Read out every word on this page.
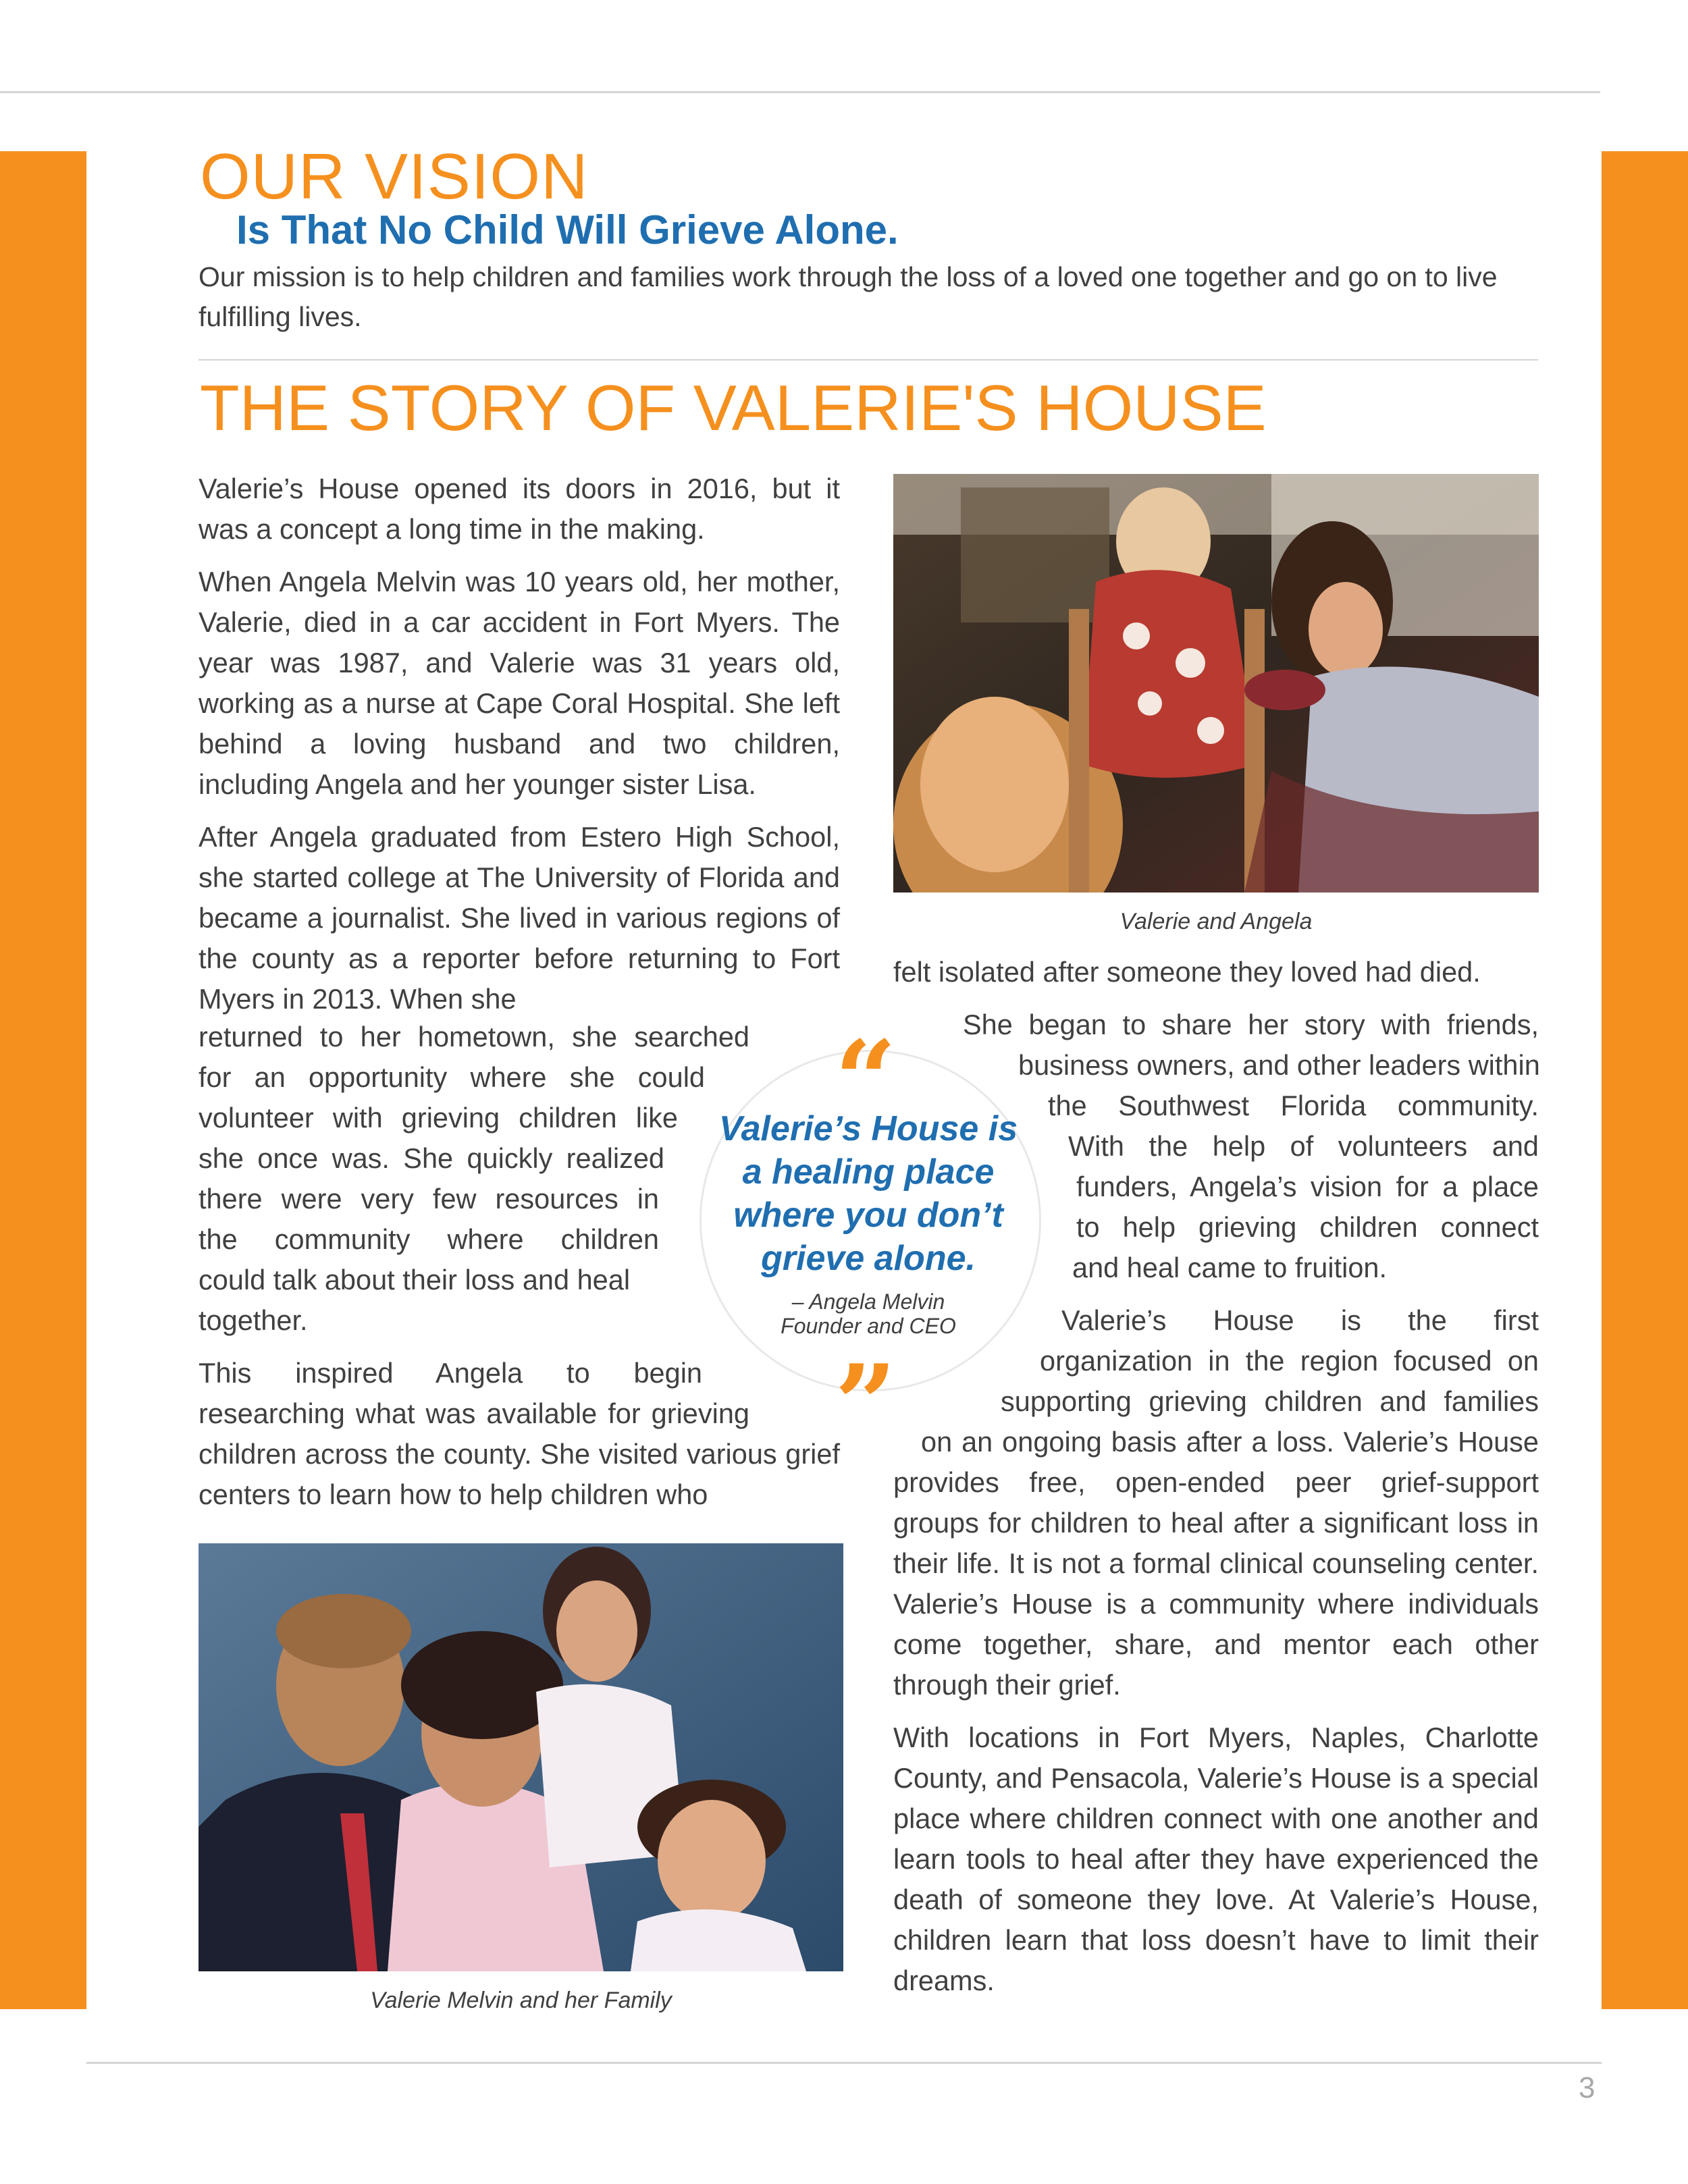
OUR VISION
Is That No Child Will Grieve Alone.
Our mission is to help children and families work through the loss of a loved one together and go on to live fulfilling lives.
THE STORY OF VALERIE'S HOUSE

Valerie’s House opened its doors in 2016, but it was a concept a long time in the making.

When Angela Melvin was 10 years old, her mother, Valerie, died in a car accident in Fort Myers. The year was 1987, and Valerie was 31 years old, working as a nurse at Cape Coral Hospital. She left behind a loving husband and two children, including Angela and her younger sister Lisa.

After Angela graduated from Estero High School, she started college at The University of Florida and became a journalist. She lived in various regions of the county as a reporter before returning to Fort Myers in 2013. When she

returned to her hometown, she searched
for an opportunity where she could
volunteer with grieving children like
she once was. She quickly realized
there were very few resources in
the community where children
could talk about their loss and heal
together.
This inspired Angela to begin
researching what was available for grieving
children across the county. She visited various grief centers to learn how to help children who
Valerie and Angela
felt isolated after someone they loved had died.
She began to share her story with friends,
business owners, and other leaders within
the Southwest Florida community.
With the help of volunteers and
funders, Angela’s vision for a place
to help grieving children connect
and heal came to fruition.
Valerie’s House is the first
organization in the region focused on
supporting grieving children and families
on an ongoing basis after a loss. Valerie’s House
provides free, open-ended peer grief-support groups for children to heal after a significant loss in their life. It is not a formal clinical counseling center. Valerie’s House is a community where individuals come together, share, and mentor each other through their grief.
With locations in Fort Myers, Naples, Charlotte County, and Pensacola, Valerie’s House is a special place where children connect with one another and learn tools to heal after they have experienced the death of someone they love. At Valerie’s House, children learn that loss doesn’t have to limit their dreams.
“
Valerie’s House is a healing place where you don’t grieve alone.
– Angela Melvin
Founder and CEO
”
Valerie Melvin and her Family
3
